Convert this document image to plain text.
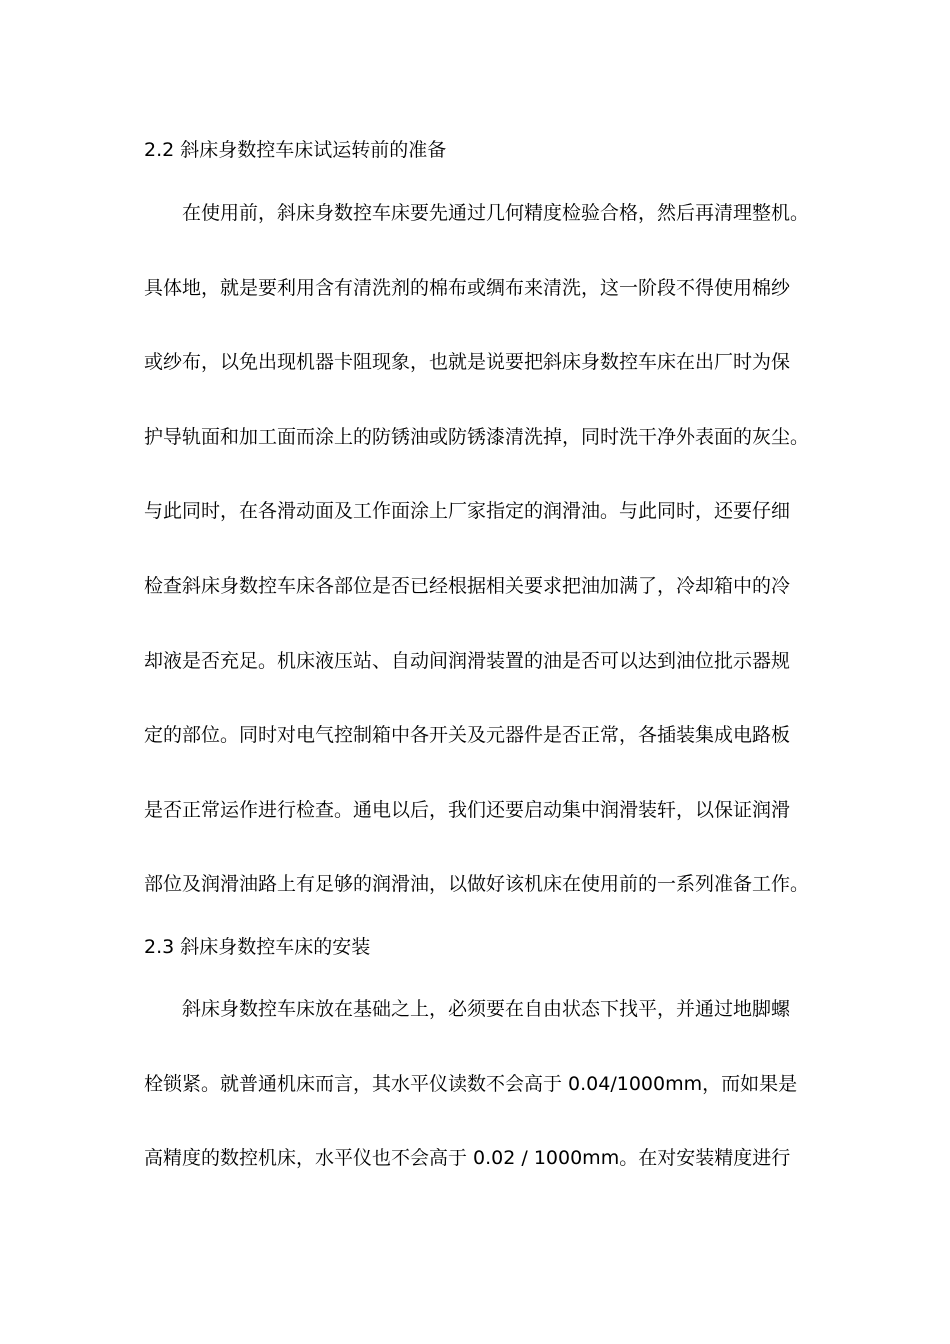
2.2 斜床身数控车床试运转前的准备

在使用前，斜床身数控车床要先通过几何精度检验合格，然后再清理整机。

具体地，就是要利用含有清洗剂的棉布或绸布来清洗，这一阶段不得使用棉纱

或纱布，以免出现机器卡阻现象，也就是说要把斜床身数控车床在出厂时为保

护导轨面和加工面而涂上的防锈油或防锈漆清洗掉，同时洗干净外表面的灰尘。

与此同时，在各滑动面及工作面涂上厂家指定的润滑油。与此同时，还要仔细

检查斜床身数控车床各部位是否已经根据相关要求把油加满了，冷却箱中的冷

却液是否充足。机床液压站、自动间润滑装置的油是否可以达到油位批示器规

定的部位。同时对电气控制箱中各开关及元器件是否正常，各插装集成电路板

是否正常运作进行检查。通电以后，我们还要启动集中润滑装轩，以保证润滑

部位及润滑油路上有足够的润滑油，以做好该机床在使用前的一系列准备工作。

2.3 斜床身数控车床的安装

斜床身数控车床放在基础之上，必须要在自由状态下找平，并通过地脚螺

栓锁紧。就普通机床而言，其水平仪读数不会高于 0.04/1000mm，而如果是

高精度的数控机床，水平仪也不会高于 0.02 / 1000mm。在对安装精度进行
